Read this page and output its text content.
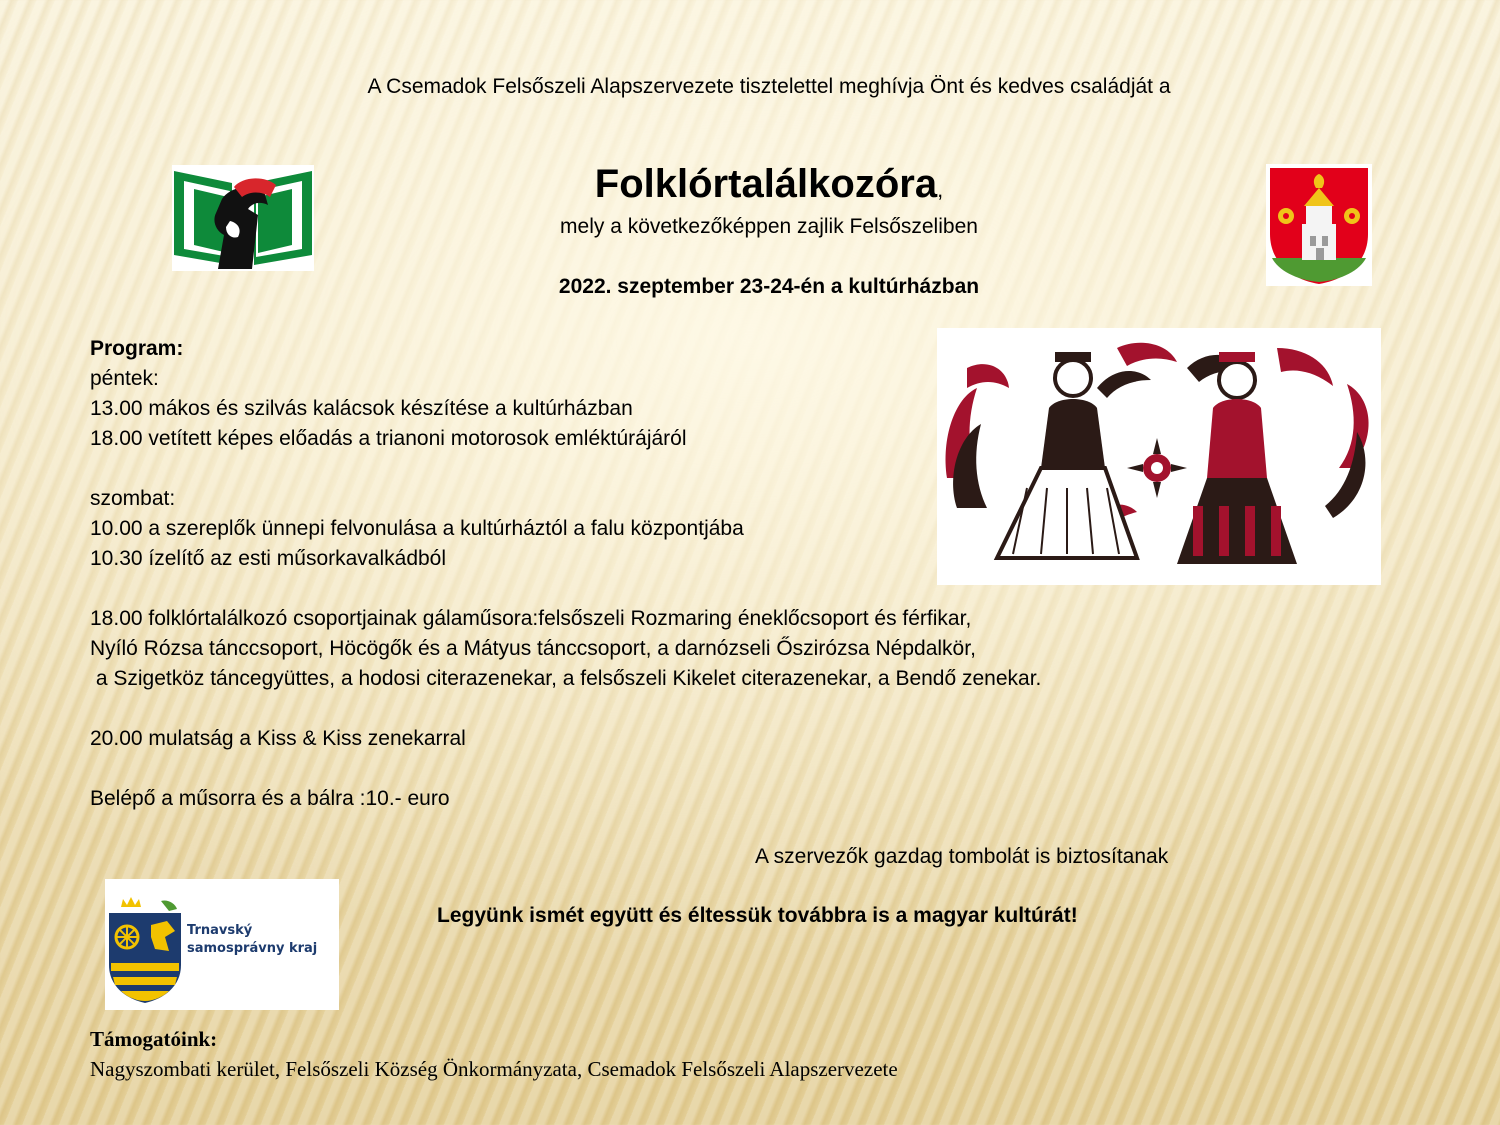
A Csemadok Felsőszeli Alapszervezete tisztelettel meghívja Önt és kedves családját a
Folklórtalálkozóra,
mely a következőképpen zajlik Felsőszeliben
2022. szeptember 23-24-én a kultúrházban
Program:
péntek:
13.00 mákos és szilvás kalácsok készítése a kultúrházban
18.00 vetített képes előadás a trianoni motorosok emléktúrájáról
szombat:
10.00 a szereplők ünnepi felvonulása a kultúrháztól a falu központjába
10.30 ízelítő az esti műsorkavalkádból
18.00 folklórtalálkozó csoportjainak gálaműsora:felsőszeli Rozmaring éneklőcsoport és férfikar,
Nyíló Rózsa tánccsoport, Höcögők és a Mátyus tánccsoport, a darnózseli Őszirózsa Népdalkör,
a Szigetköz táncegyüttes, a hodosi citerazenekar, a felsőszeli Kikelet citerazenekar, a Bendő zenekar.
20.00 mulatság a Kiss & Kiss zenekarral
Belépő a műsorra és a bálra :10.- euro
A szervezők gazdag tombolát is biztosítanak
Trnavský
samosprávny kraj
Legyünk ismét együtt és éltessük továbbra is a magyar kultúrát!
Támogatóink:
Nagyszombati kerület, Felsőszeli Község Önkormányzata, Csemadok Felsőszeli Alapszervezete
